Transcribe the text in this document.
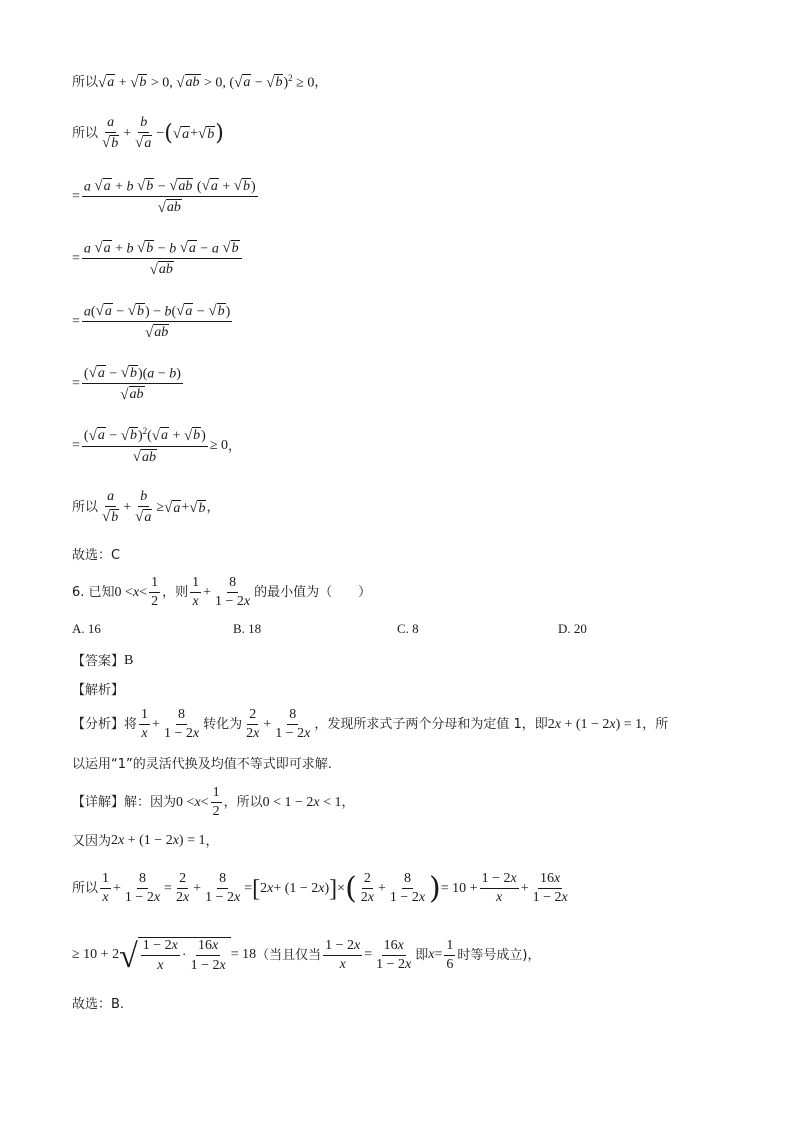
所以 √ a + √ b > 0, √ ab > 0, ( √ a − √ b )$^2$ ≥ 0 ，
所以 $\frac{a}{√ b} + \frac{b}{√ a}$ − ( √ a + √ b )
= $\frac{a √ a + b √ b - √ ab ( √ a + √ b )}{√ ab}$
= $\frac{a √ a + b √ b - b √ a - a √ b}{√ ab}$
= $\frac{a( √ a - √ b ) - b( √ a - √ b )}{√ ab}$
= $\frac{( √ a - √ b )(a - b)}{√ ab}$
= $\frac{( √ a - √ b )^2( √ a + √ b )}{√ ab} \ge 0$ ，
所以 $\frac{a}{√ b} + \frac{b}{√ a}$ ≥ √ a + √ b ，
故选：C
6. 已知 $0 < x < \frac{1}{2}$ ，则 $\frac{1}{x} + \frac{8}{1 - 2x}$ 的最小值为（　　）
A. 16	B. 18	C. 8	D. 20
【答案】 B
【解析】
【分析】 将 $\frac{1}{x} + \frac{8}{1 - 2x}$ 转化为 $\frac{2}{2x} + \frac{8}{1 - 2x}$ ，发现所求式子两个分母和为定值 1，即 2x + (1 − 2x) = 1 ，所
以运用“1”的灵活代换及均值不等式即可求解.
【详解】 解：因为 $0 < x < \frac{1}{2}$ ，所以 0 < 1 − 2x < 1 ，
又因为 2x + (1 − 2x) = 1 ，
所以 $\frac{1}{x} + \frac{8}{1 - 2x} = \frac{2}{2x} + \frac{8}{1 - 2x}$ = [ 2 x + (1 − 2 x ) ] × ( $\frac{2}{2x} + \frac{8}{1 - 2x}$ ) = $10 + \frac{1 - 2x}{x} + \frac{16x}{1 - 2x}$
≥ 10 + 2 √ $\frac{1 - 2x}{x} \cdot \frac{16x}{1 - 2x} = 18$ （当且仅当 $\frac{1 - 2x}{x} = \frac{16x}{1 - 2x}$ 即 $x = \frac{1}{6}$ 时等号成立)，
故选：B.
